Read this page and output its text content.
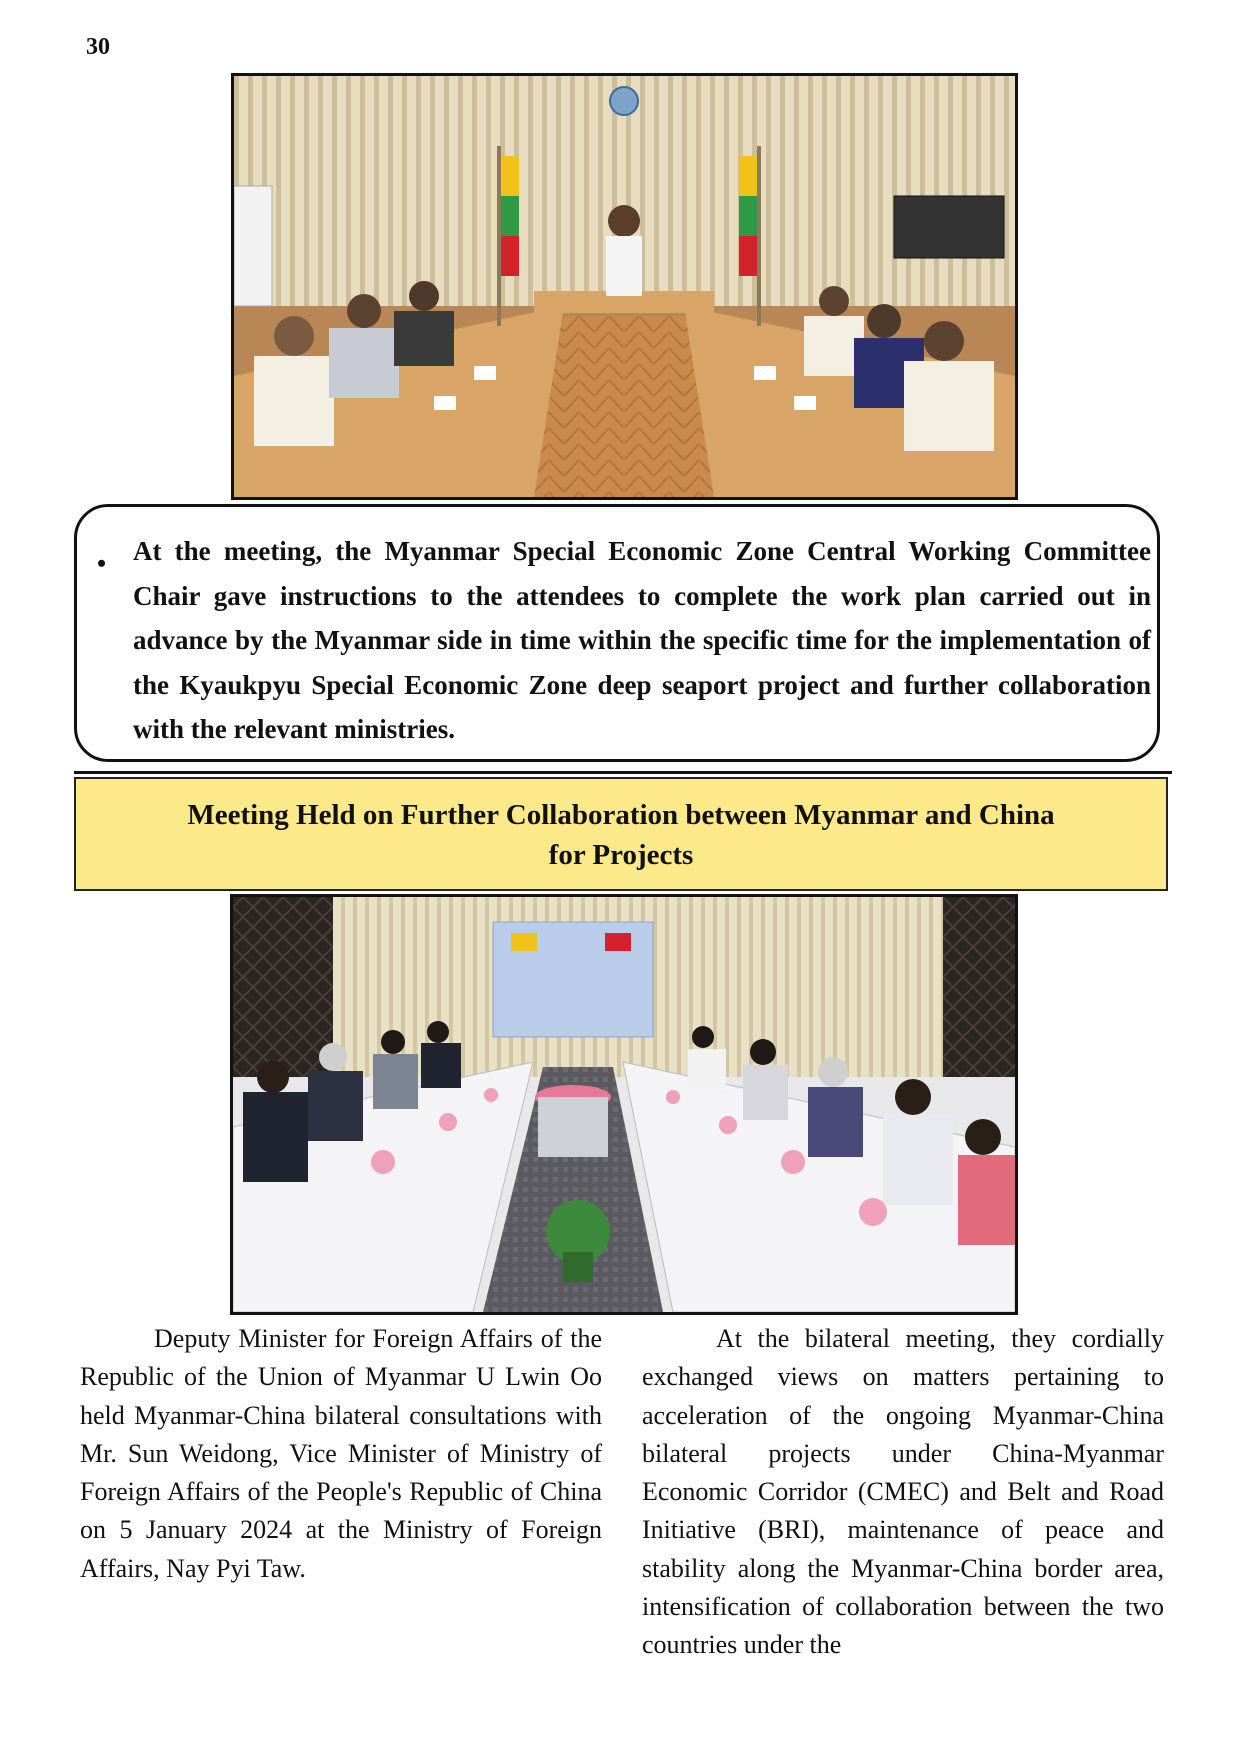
30
• At the meeting, the Myanmar Special Economic Zone Central Working Committee Chair gave instructions to the attendees to complete the work plan carried out in advance by the Myanmar side in time within the specific time for the implementation of the Kyaukpyu Special Economic Zone deep seaport project and further collaboration with the relevant ministries.

Meeting Held on Further Collaboration between Myanmar and China
for Projects

Deputy Minister for Foreign Affairs of the Republic of the Union of Myanmar U Lwin Oo held Myanmar-China bilateral consultations with Mr. Sun Weidong, Vice Minister of Ministry of Foreign Affairs of the People's Republic of China on 5 January 2024 at the Ministry of Foreign Affairs, Nay Pyi Taw.

At the bilateral meeting, they cordially exchanged views on matters pertaining to acceleration of the ongoing Myanmar-China bilateral projects under China-Myanmar Economic Corridor (CMEC) and Belt and Road Initiative (BRI), maintenance of peace and stability along the Myanmar-China border area, intensification of collaboration between the two countries under the
